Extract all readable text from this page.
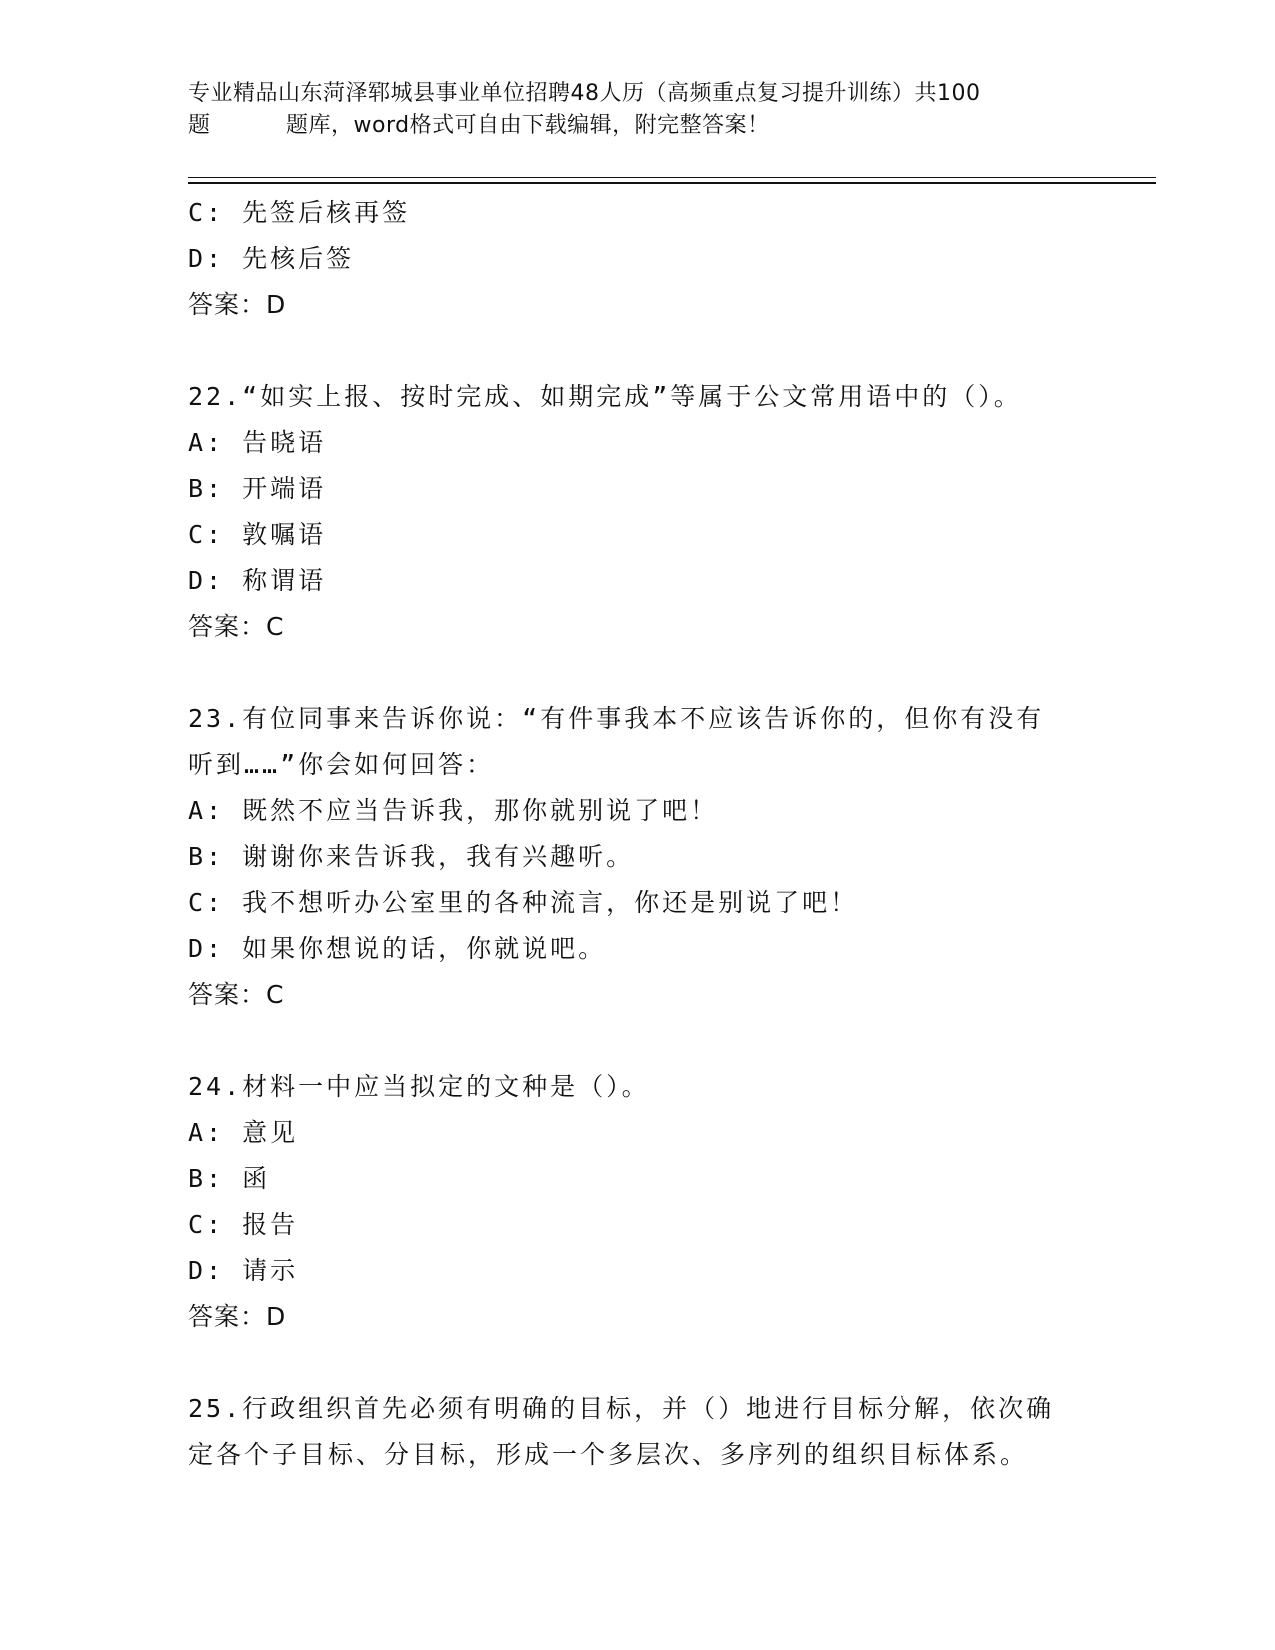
专业精品山东菏泽郓城县事业单位招聘48人历（高频重点复习提升训练）共100
题	题库，word格式可自由下载编辑，附完整答案！

C: 先签后核再签

D: 先核后签

答案 ： D
22.“如实上报、按时完成、如期完成”等属于公文常用语中的（）。

A: 告晓语

B: 开端语

C: 敦嘱语

D: 称谓语

答案 ： C
23.有位同事来告诉你说：“有件事我本不应该告诉你的，但你有没有
听到……”你会如何回答：

A: 既然不应当告诉我，那你就别说了吧！

B: 谢谢你来告诉我，我有兴趣听。

C: 我不想听办公室里的各种流言，你还是别说了吧！

D: 如果你想说的话，你就说吧。

答案 ： C
24.材料一中应当拟定的文种是（）。

A: 意见

B: 函

C: 报告

D: 请示

答案 ： D
25.行政组织首先必须有明确的目标，并（）地进行目标分解，依次确
定各个子目标、分目标，形成一个多层次、多序列的组织目标体系。
